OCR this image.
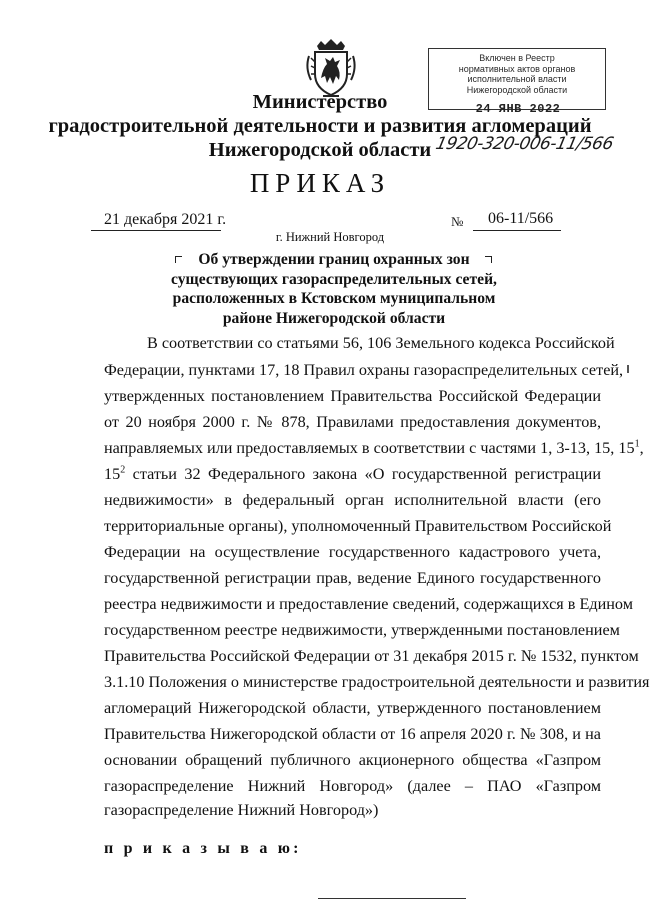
Министерство
градостроительной деятельности и развития агломераций
Нижегородской области
Включен в Реестр
нормативных актов органов
исполнительной власти
Нижегородской области
24 ЯНВ 2022
1920-320-006-11/566
ПРИКАЗ
21 декабря 2021 г.	№ 06-11/566
г. Нижний Новгород
Об утверждении границ охранных зон
существующих газораспределительных сетей,
расположенных в Кстовском муниципальном
районе Нижегородской области
В соответствии со статьями 56, 106 Земельного кодекса Российской
Федерации, пунктами 17, 18 Правил охраны газораспределительных сетей,
утвержденных постановлением Правительства Российской Федерации
от 20 ноября 2000 г. № 878, Правилами предоставления документов,
направляемых или предоставляемых в соответствии с частями 1, 3-13, 15, $15^1$,
$15^2$ статьи 32 Федерального закона «О государственной регистрации
недвижимости» в федеральный орган исполнительной власти (его
территориальные органы), уполномоченный Правительством Российской
Федерации на осуществление государственного кадастрового учета,
государственной регистрации прав, ведение Единого государственного
реестра недвижимости и предоставление сведений, содержащихся в Едином
государственном реестре недвижимости, утвержденными постановлением
Правительства Российской Федерации от 31 декабря 2015 г. № 1532, пунктом
3.1.10 Положения о министерстве градостроительной деятельности и развития
агломераций Нижегородской области, утвержденного постановлением
Правительства Нижегородской области от 16 апреля 2020 г. № 308, и на
основании обращений публичного акционерного общества «Газпром
газораспределение Нижний Новгород» (далее – ПАО «Газпром
газораспределение Нижний Новгород»)
п р и к а з ы в а ю:
